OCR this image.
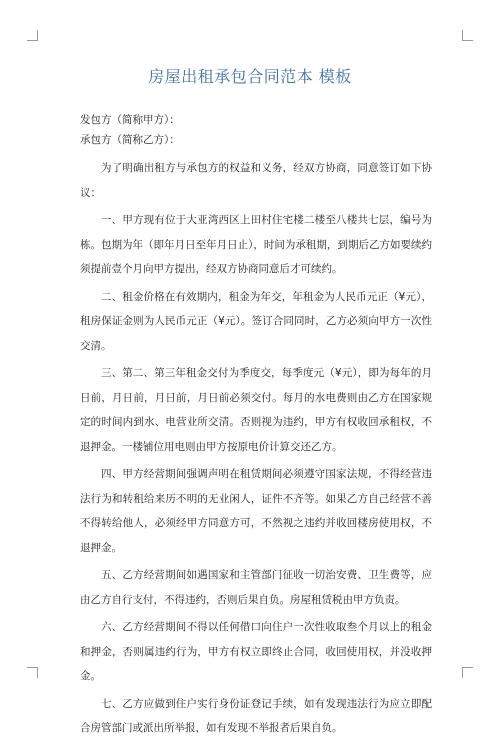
房屋出租承包合同范本 模板

发包方（简称甲方）：

承包方（简称乙方）：

为了明确出租方与承包方的权益和义务，经双方协商，同意签订如下协议：

一、甲方现有位于大亚湾西区上田村住宅楼二楼至八楼共七层，编号为栋。包期为年（即年月日至年月日止），时间为承租期，到期后乙方如要续约须提前壹个月向甲方提出，经双方协商同意后才可续约。

二、租金价格在有效期内，租金为年交，年租金为人民币元正（¥元），租房保证金则为人民币元正（¥元）。签订合同同时，乙方必须向甲方一次性交清。

三、第二、第三年租金交付为季度交，每季度元（¥元），即为每年的月日前，月日前，月日前，月日前必须交付。每月的水电费则由乙方在国家规定的时间内到水、电营业所交清。否则视为违约，甲方有权收回承租权，不退押金。一楼铺位用电则由甲方按原电价计算交还乙方。

四、甲方经营期间强调声明在租赁期间必须遵守国家法规，不得经营违法行为和转租给来历不明的无业闲人，证件不齐等。如果乙方自己经营不善不得转给他人，必须经甲方同意方可，不然视之违约并收回楼房使用权，不退押金。

五、乙方经营期间如遇国家和主管部门征收一切治安费、卫生费等，应由乙方自行支付，不得违约，否则后果自负。房屋租赁税由甲方负责。

六、乙方经营期间不得以任何借口向住户一次性收取叁个月以上的租金和押金，否则属违约行为，甲方有权立即终止合同，收回使用权，并没收押金。

七、乙方应做到住户实行身份证登记手续，如有发现违法行为应立即配合房管部门或派出所举报，如有发现不举报者后果自负。
